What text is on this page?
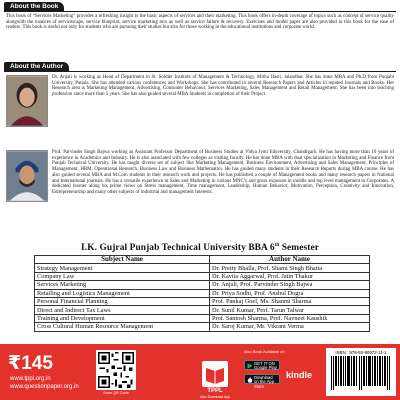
About the Book
This book of “Services Marketing” provides a refreshing insight to the basic aspects of services and their marketing. This book offers in-depth coverage of topics such as concept of service quality alongwith the nuances of servicescape, service blueprint, service marketing mix as well as service failure & recovery. Exercises and model paper are also provided in this book for the ease of readers. This book is useful not only for students who are pursuing their studies but also for those working in the educational institutions and corporate world.
About the Author
Dr. Anjali is working as Head of Department in St. Soldier Institute of Management & Technology, Mithu Basti, Jalandhar. She has done MBA and Ph.D from Punjabi University, Patiala. She has attended various conferences and Workshops. She has contributed in several Research Papers and Articles in reputed Journals and Books. Her Research area is Marketing Management, Advertising, Consumer Behaviour, Services Marketing, Sales Management and Retail Management. She has been into teaching profession since more than 5 years. She has also guided several MBA Students in completion of their Project.
Prof. Parvinder Singh Bajwa working as Assistant Professor Department of Business Studies at Vidya Jyoti Eduversity, Chandigarh. He has having more than 10 years of experience in Academics and Industry. He is also associated with few colleges as visiting faculty. He has done MBA with dual specialization in Marketing and Finance from Punjab Technical University. He has taught diverse set of subject like Marketing Management, Business Environment, Advertising and Sales Management, Principles of Management, HRM, Operational Research, Business Law and Business Mathematics. He has guided many students in their Research Reports during MBA course. He has also guided several MBA and M.Com students in their research work and projects. He has published a couple of Management books and many research papers in National and International journals. He has a versatile experience in Sales and Marketing in various MNC’s and gross exposure in middle and top level management in Corporates. A dedicated learner along his prime views on Stress management, Time management, Leadership, Human Behavior, Motivation, Perception, Creativity and Innovation, Entrepreneurship and many other subjects of industrial and management Interests.
I.K. Gujral Punjab Technical University BBA 6th Semester
Subject Name	Author Name
Strategy Management	Dr. Pretty Bhalla, Prof. Shami Singh Bhatia
Company Law	Dr. Kavita Aggarwal, Prof. Jatin Thakur
Services Marketing	Dr. Anjali, Prof. Parvinder Singh Bajwa
Retailing and Logistics Management	Dr. Priya Sodhi, Prof. Anshul Dogra
Personal Financial Planning	Prof. Pankaj Goel, Ms. Shanmi Sharma
Direct and Indirect Tax Laws	Dr. Sunil Kumar, Prof. Tarun Talwar
Training and Development	Prof. Santosh Sharma, Prof. Navneet Kaushik
Cross Cultural Human Resource Management	Dr. Saroj Kumar, Mr. Vikrant Verma
₹145
www.tppl.org.in
www.questionpaper.org.in
Scan QR Code	TPPL
Also Download App
Also Book Available on
GET IT ON Google Play
Download on the App Store
kindle
ISBN : 978-93-90972-11-1
